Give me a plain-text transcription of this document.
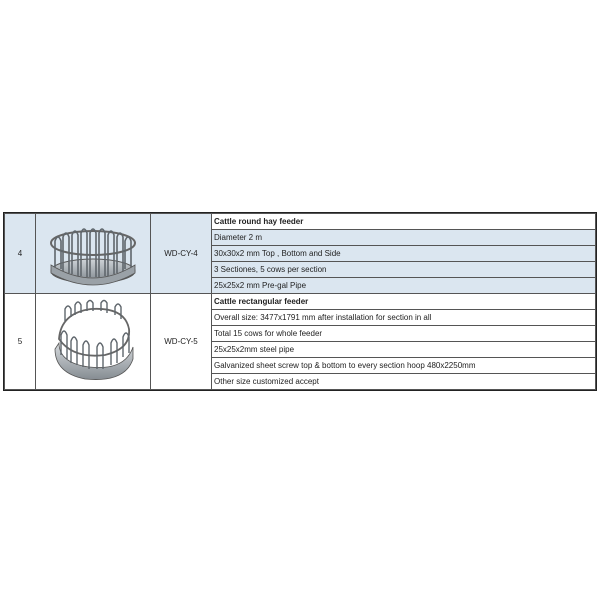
4		WD-CY-4	Cattle round hay feeder
			Diameter 2 m
			30x30x2 mm Top , Bottom and Side
			3 Sectiones, 5 cows per section
			25x25x2 mm Pre-gal Pipe
5		WD-CY-5	Cattle rectangular feeder
			Overall size: 3477x1791 mm after installation for section in all
			Total 15 cows for whole feeder
			25x25x2mm steel pipe
			Galvanized sheet screw top & bottom to every section hoop 480x2250mm
			Other size customized accept
